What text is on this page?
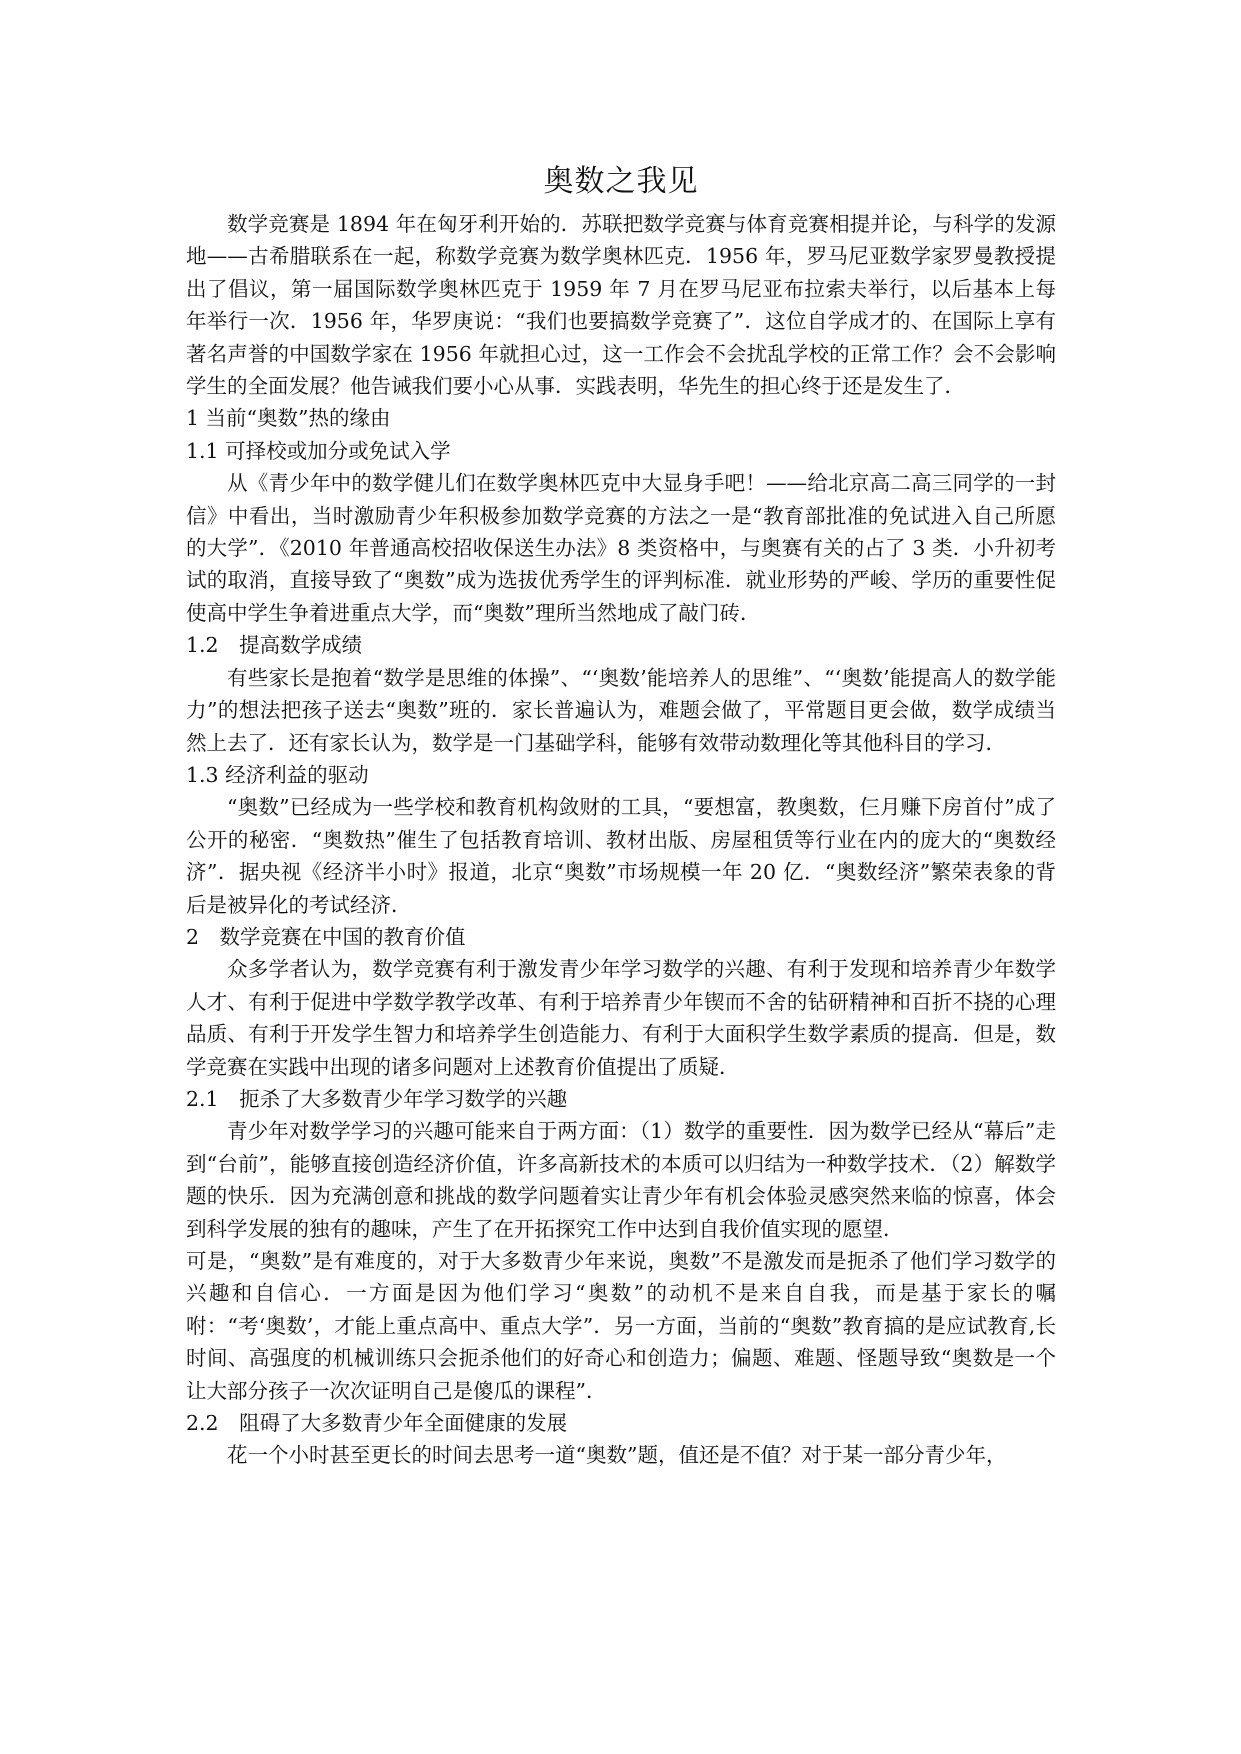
奥数之我见

数学竞赛是 1894 年在匈牙利开始的．苏联把数学竞赛与体育竞赛相提并论，与科学的发源地——古希腊联系在一起，称数学竞赛为数学奥林匹克．1956 年，罗马尼亚数学家罗曼教授提出了倡议，第一届国际数学奥林匹克于 1959 年 7 月在罗马尼亚布拉索夫举行，以后基本上每年举行一次．1956 年，华罗庚说：“我们也要搞数学竞赛了”．这位自学成才的、在国际上享有著名声誉的中国数学家在 1956 年就担心过，这一工作会不会扰乱学校的正常工作？会不会影响学生的全面发展？他告诫我们要小心从事．实践表明，华先生的担心终于还是发生了．

1 当前“奥数”热的缘由

1.1 可择校或加分或免试入学

从《青少年中的数学健儿们在数学奥林匹克中大显身手吧！——给北京高二高三同学的一封信》中看出，当时激励青少年积极参加数学竞赛的方法之一是“教育部批准的免试进入自己所愿的大学”．《2010 年普通高校招收保送生办法》8 类资格中，与奥赛有关的占了 3 类．小升初考试的取消，直接导致了“奥数”成为选拔优秀学生的评判标准．就业形势的严峻、学历的重要性促使高中学生争着进重点大学，而“奥数”理所当然地成了敲门砖．

1.2　提高数学成绩

有些家长是抱着“数学是思维的体操”、“‘奥数’能培养人的思维”、“‘奥数’能提高人的数学能力”的想法把孩子送去“奥数”班的．家长普遍认为，难题会做了，平常题目更会做，数学成绩当然上去了．还有家长认为，数学是一门基础学科，能够有效带动数理化等其他科目的学习．

1.3 经济利益的驱动

“奥数”已经成为一些学校和教育机构敛财的工具，“要想富，教奥数，仨月赚下房首付”成了公开的秘密．“奥数热”催生了包括教育培训、教材出版、房屋租赁等行业在内的庞大的“奥数经济”．据央视《经济半小时》报道，北京“奥数”市场规模一年 20 亿．“奥数经济”繁荣表象的背后是被异化的考试经济．

2　数学竞赛在中国的教育价值

众多学者认为，数学竞赛有利于激发青少年学习数学的兴趣、有利于发现和培养青少年数学人才、有利于促进中学数学教学改革、有利于培养青少年锲而不舍的钻研精神和百折不挠的心理品质、有利于开发学生智力和培养学生创造能力、有利于大面积学生数学素质的提高．但是，数学竞赛在实践中出现的诸多问题对上述教育价值提出了质疑．

2.1　扼杀了大多数青少年学习数学的兴趣

青少年对数学学习的兴趣可能来自于两方面：（1）数学的重要性．因为数学已经从“幕后”走到“台前”，能够直接创造经济价值，许多高新技术的本质可以归结为一种数学技术．（2）解数学题的快乐．因为充满创意和挑战的数学问题着实让青少年有机会体验灵感突然来临的惊喜，体会到科学发展的独有的趣味，产生了在开拓探究工作中达到自我价值实现的愿望．

可是，“奥数”是有难度的，对于大多数青少年来说，奥数”不是激发而是扼杀了他们学习数学的兴趣和自信心．一方面是因为他们学习“奥数”的动机不是来自自我，而是基于家长的嘱咐：“考‘奥数’，才能上重点高中、重点大学”．另一方面，当前的“奥数”教育搞的是应试教育,长时间、高强度的机械训练只会扼杀他们的好奇心和创造力；偏题、难题、怪题导致“奥数是一个让大部分孩子一次次证明自己是傻瓜的课程”．

2.2　阻碍了大多数青少年全面健康的发展

花一个小时甚至更长的时间去思考一道“奥数”题，值还是不值？对于某一部分青少年，
